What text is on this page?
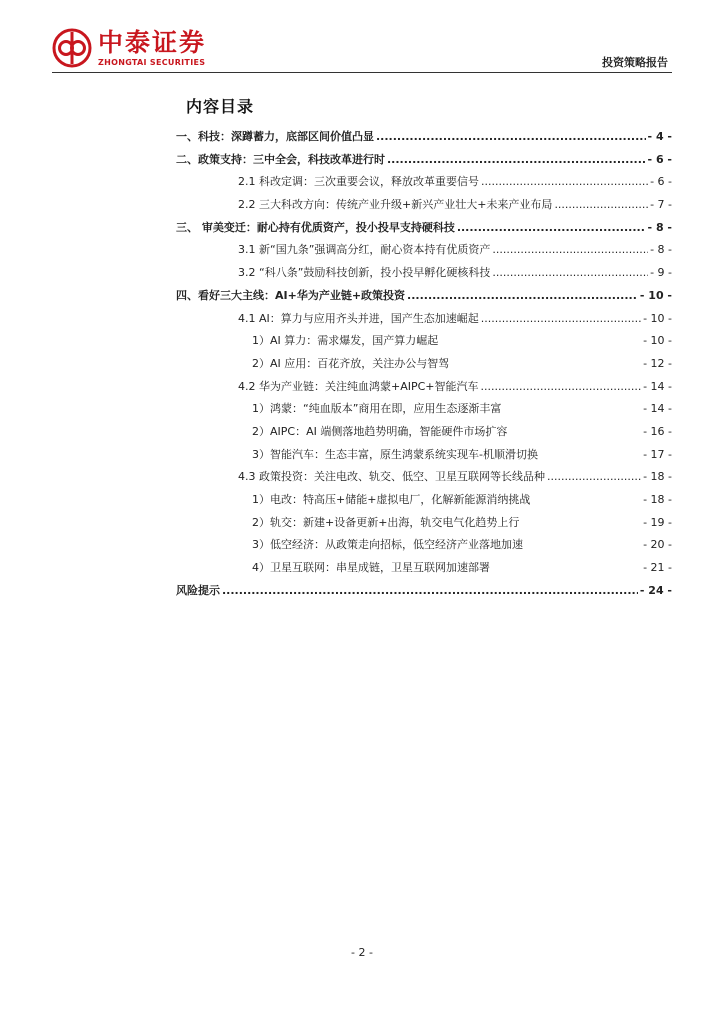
中泰证券
ZHONGTAI SECURITIES	投资策略报告
内容目录
一、科技：深蹲蓄力，底部区间价值凸显 .....	- 4 -
二、政策支持：三中全会，科技改革进行时 .....	- 6 -
2.1 科改定调：三次重要会议，释放改革重要信号 .....	- 6 -
2.2 三大科改方向：传统产业升级+新兴产业壮大+未来产业布局 .....	- 7 -
三、 审美变迁：耐心持有优质资产，投小投早支持硬科技 .....	- 8 -
3.1 新“国九条”强调高分红，耐心资本持有优质资产 .....	- 8 -
3.2 “科八条”鼓励科技创新，投小投早孵化硬核科技 .....	- 9 -
四、看好三大主线：AI+华为产业链+政策投资 .....	- 10 -
4.1 AI：算力与应用齐头并进，国产生态加速崛起 .....	- 10 -
1）AI 算力：需求爆发，国产算力崛起	- 10 -
2）AI 应用：百花齐放，关注办公与智驾	- 12 -
4.2 华为产业链：关注纯血鸿蒙+AIPC+智能汽车 .....	- 14 -
1）鸿蒙：“纯血版本”商用在即，应用生态逐渐丰富	- 14 -
2）AIPC：AI 端侧落地趋势明确，智能硬件市场扩容	- 16 -
3）智能汽车：生态丰富，原生鸿蒙系统实现车-机顺滑切换	- 17 -
4.3 政策投资：关注电改、轨交、低空、卫星互联网等长线品种 .....	- 18 -
1）电改：特高压+储能+虚拟电厂，化解新能源消纳挑战	- 18 -
2）轨交：新建+设备更新+出海，轨交电气化趋势上行	- 19 -
3）低空经济：从政策走向招标，低空经济产业落地加速	- 20 -
4）卫星互联网：串星成链，卫星互联网加速部署	- 21 -
风险提示 .....	- 24 -
- 2 -
